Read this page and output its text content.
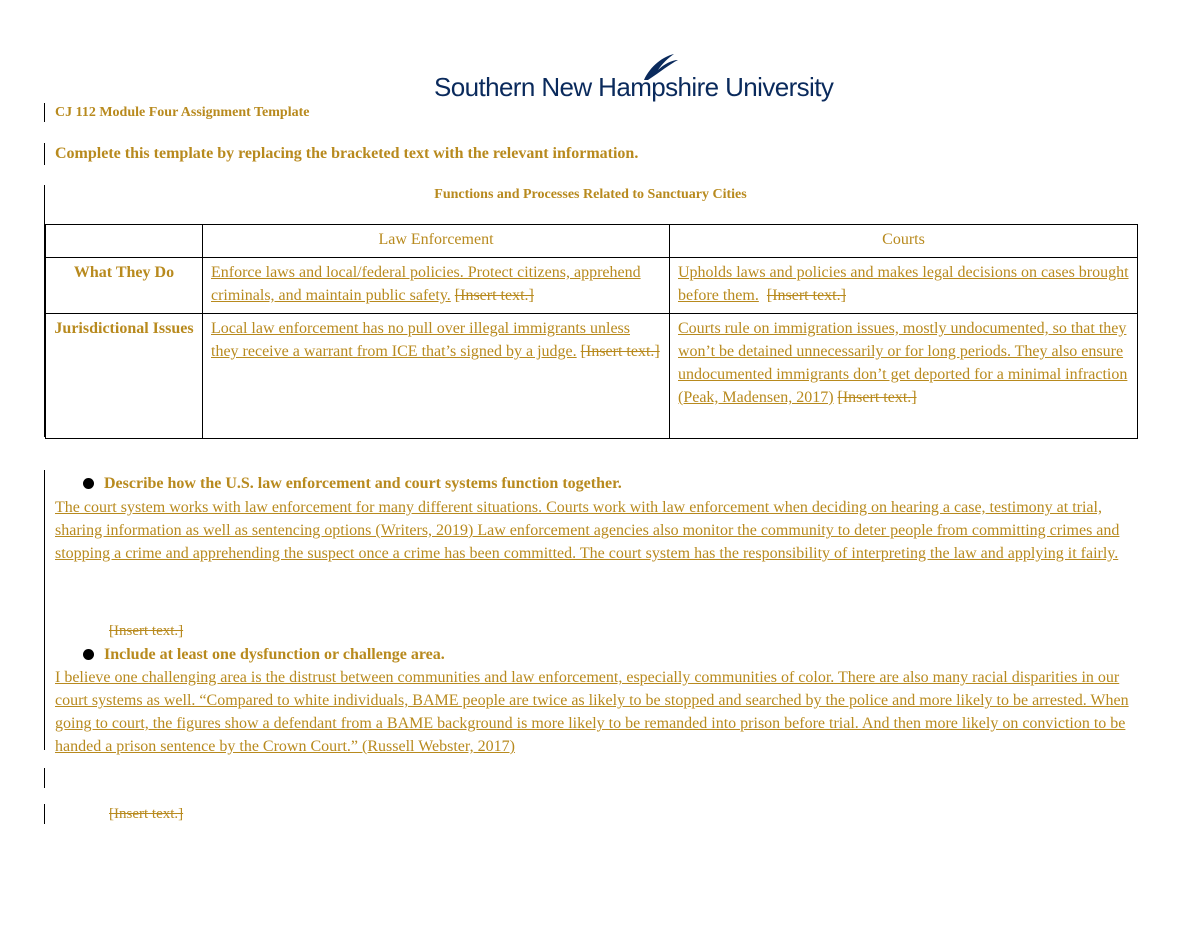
Southern New Hampshire University
CJ 112 Module Four Assignment Template
Complete this template by replacing the bracketed text with the relevant information.
Functions and Processes Related to Sanctuary Cities
	Law Enforcement	Courts
What They Do	Enforce laws and local/federal policies. Protect citizens, apprehend criminals, and maintain public safety. [Insert text.]	Upholds laws and policies and makes legal decisions on cases brought before them. [Insert text.]
Jurisdictional Issues	Local law enforcement has no pull over illegal immigrants unless they receive a warrant from ICE that’s signed by a judge. [Insert text.]	Courts rule on immigration issues, mostly undocumented, so that they won’t be detained unnecessarily or for long periods. They also ensure undocumented immigrants don’t get deported for a minimal infraction (Peak, Madensen, 2017) [Insert text.]
Describe how the U.S. law enforcement and court systems function together.
The court system works with law enforcement for many different situations. Courts work with law enforcement when deciding on hearing a case, testimony at trial, sharing information as well as sentencing options (Writers, 2019) Law enforcement agencies also monitor the community to deter people from committing crimes and stopping a crime and apprehending the suspect once a crime has been committed. The court system has the responsibility of interpreting the law and applying it fairly.
[Insert text.]
Include at least one dysfunction or challenge area.
I believe one challenging area is the distrust between communities and law enforcement, especially communities of color. There are also many racial disparities in our court systems as well. “Compared to white individuals, BAME people are twice as likely to be stopped and searched by the police and more likely to be arrested. When going to court, the figures show a defendant from a BAME background is more likely to be remanded into prison before trial. And then more likely on conviction to be handed a prison sentence by the Crown Court.” (Russell Webster, 2017)
[Insert text.]
